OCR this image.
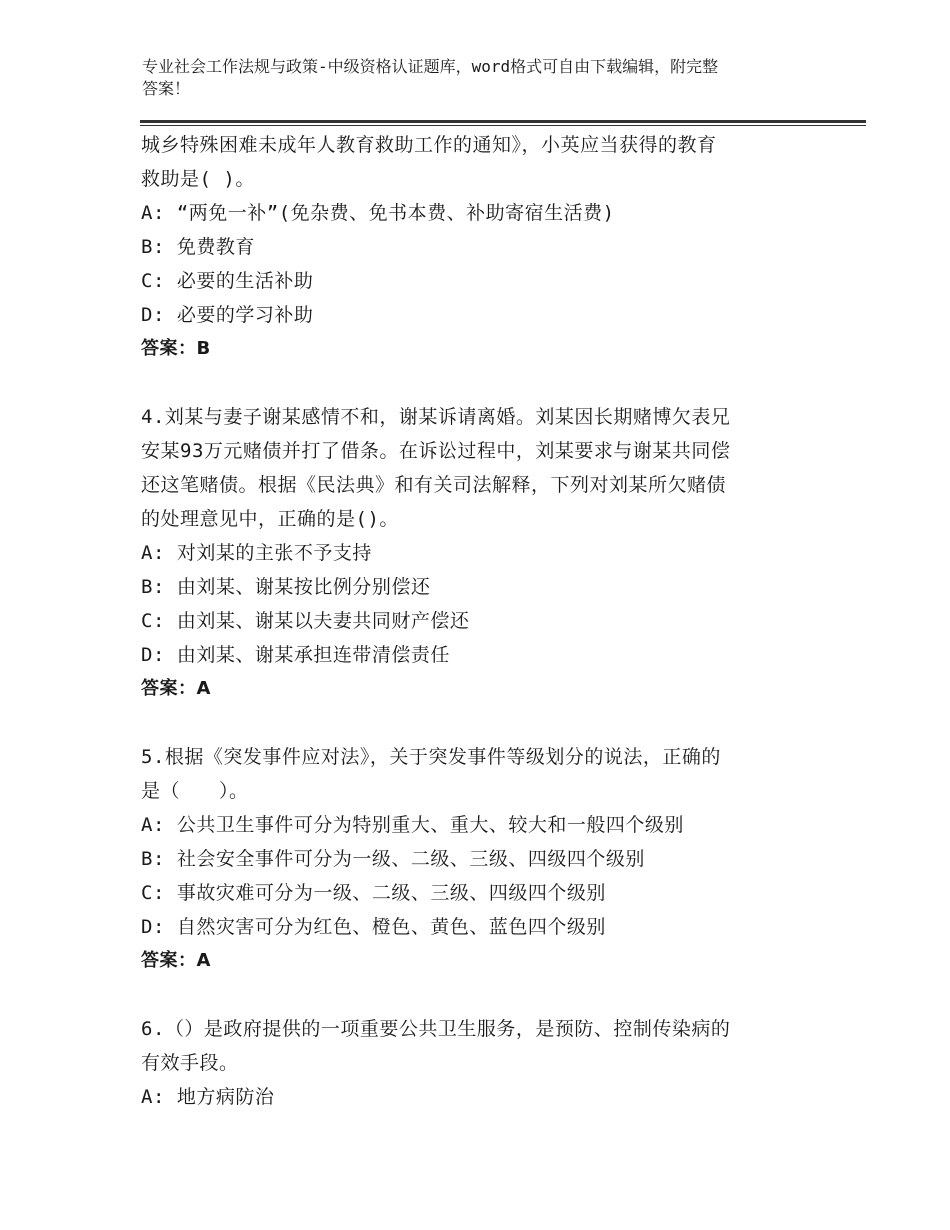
专业社会工作法规与政策-中级资格认证题库，word格式可自由下载编辑，附完整
答案！

城乡特殊困难未成年人教育救助工作的通知》，小英应当获得的教育

救助是( )。

A: “两免一补”(免杂费、免书本费、补助寄宿生活费)

B: 免费教育

C: 必要的生活补助

D: 必要的学习补助

答案：B

4.刘某与妻子谢某感情不和，谢某诉请离婚。刘某因长期赌博欠表兄

安某93万元赌债并打了借条。在诉讼过程中，刘某要求与谢某共同偿

还这笔赌债。根据《民法典》和有关司法解释，下列对刘某所欠赌债

的处理意见中，正确的是()。

A: 对刘某的主张不予支持

B: 由刘某、谢某按比例分别偿还

C: 由刘某、谢某以夫妻共同财产偿还

D: 由刘某、谢某承担连带清偿责任

答案：A

5.根据《突发事件应对法》，关于突发事件等级划分的说法，正确的

是（　　）。

A: 公共卫生事件可分为特别重大、重大、较大和一般四个级别

B: 社会安全事件可分为一级、二级、三级、四级四个级别

C: 事故灾难可分为一级、二级、三级、四级四个级别

D: 自然灾害可分为红色、橙色、黄色、蓝色四个级别

答案：A

6.（）是政府提供的一项重要公共卫生服务，是预防、控制传染病的

有效手段。

A: 地方病防治
